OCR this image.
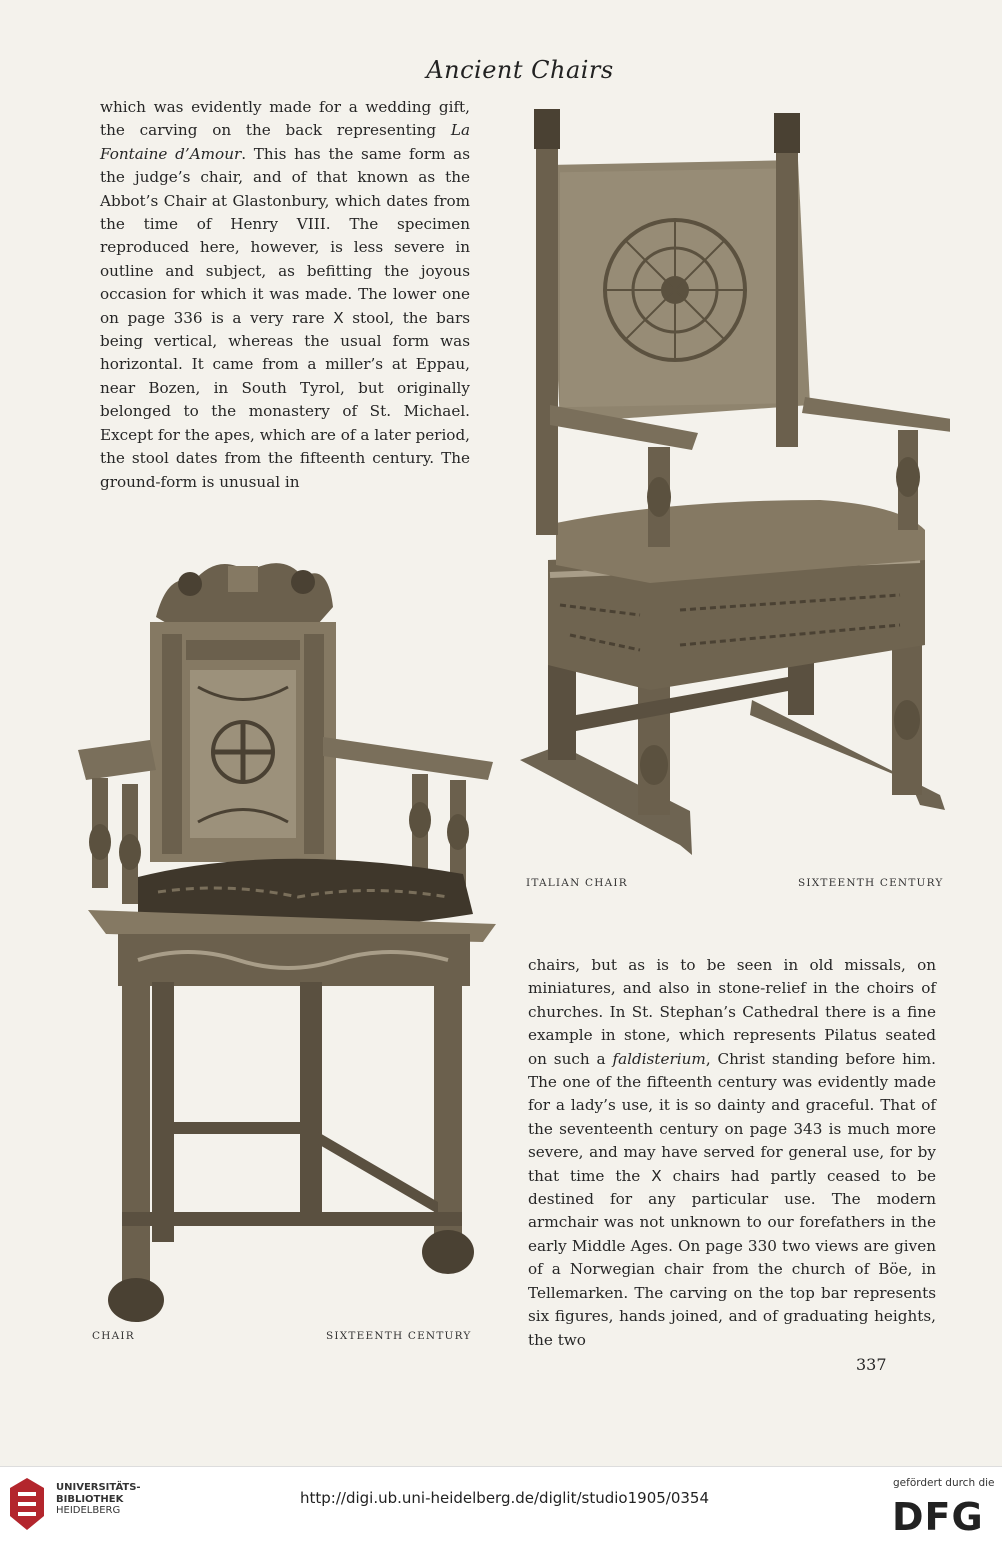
Ancient Chairs

which was evidently made for a wedding gift, the carving on the back representing La Fontaine d’Amour. This has the same form as the judge’s chair, and of that known as the Abbot’s Chair at Glastonbury, which dates from the time of Henry VIII. The specimen reproduced here, however, is less severe in outline and subject, as befitting the joyous occasion for which it was made. The lower one on page 336 is a very rare X stool, the bars being vertical, whereas the usual form was horizontal. It came from a miller’s at Eppau, near Bozen, in South Tyrol, but originally belonged to the monastery of St. Michael. Except for the apes, which are of a later period, the stool dates from the fifteenth century. The ground-form is unusual in

ITALIAN CHAIR	SIXTEENTH CENTURY
CHAIR	SIXTEENTH CENTURY

chairs, but as is to be seen in old missals, on miniatures, and also in stone-relief in the choirs of churches. In St. Stephan’s Cathedral there is a fine example in stone, which represents Pilatus seated on such a faldisterium, Christ standing before him. The one of the fifteenth century was evidently made for a lady’s use, it is so dainty and graceful. That of the seventeenth century on page 343 is much more severe, and may have served for general use, for by that time the X chairs had partly ceased to be destined for any particular use. The modern armchair was not unknown to our forefathers in the early Middle Ages. On page 330 two views are given of a Norwegian chair from the church of Böe, in Tellemarken. The carving on the top bar represents six figures, hands joined, and of graduating heights, the two

337
UNIVERSITÄTS-
BIBLIOTHEK
HEIDELBERG
http://digi.ub.uni-heidelberg.de/diglit/studio1905/0354
gefördert durch die
DFG
